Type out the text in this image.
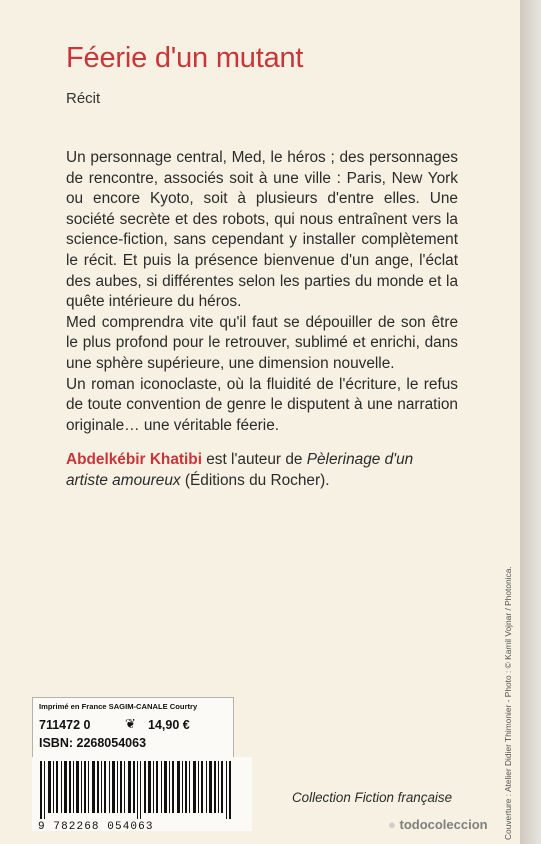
Féerie d'un mutant
Récit

Un personnage central, Med, le héros ; des personnages de rencontre, associés soit à une ville : Paris, New York ou encore Kyoto, soit à plusieurs d'entre elles. Une société secrète et des robots, qui nous entraînent vers la science-fiction, sans cependant y installer complètement le récit. Et puis la présence bienvenue d'un ange, l'éclat des aubes, si différentes selon les parties du monde et la quête intérieure du héros.

Med comprendra vite qu'il faut se dépouiller de son être le plus profond pour le retrouver, sublimé et enrichi, dans une sphère supérieure, une dimension nouvelle.

Un roman iconoclaste, où la fluidité de l'écriture, le refus de toute convention de genre le disputent à une narration originale… une véritable féerie.

Abdelkébir Khatibi est l'auteur de Pèlerinage d'un artiste amoureux (Éditions du Rocher).
Couverture : Atelier Didier Thimonier - Photo : © Kamil Vojnar / Photonica.
Imprimé en France SAGIM-CANALE Courtry
711472 0	❦ 14,90 €
ISBN: 2268054063
9 782268 054063
Collection Fiction française
● todocoleccion
